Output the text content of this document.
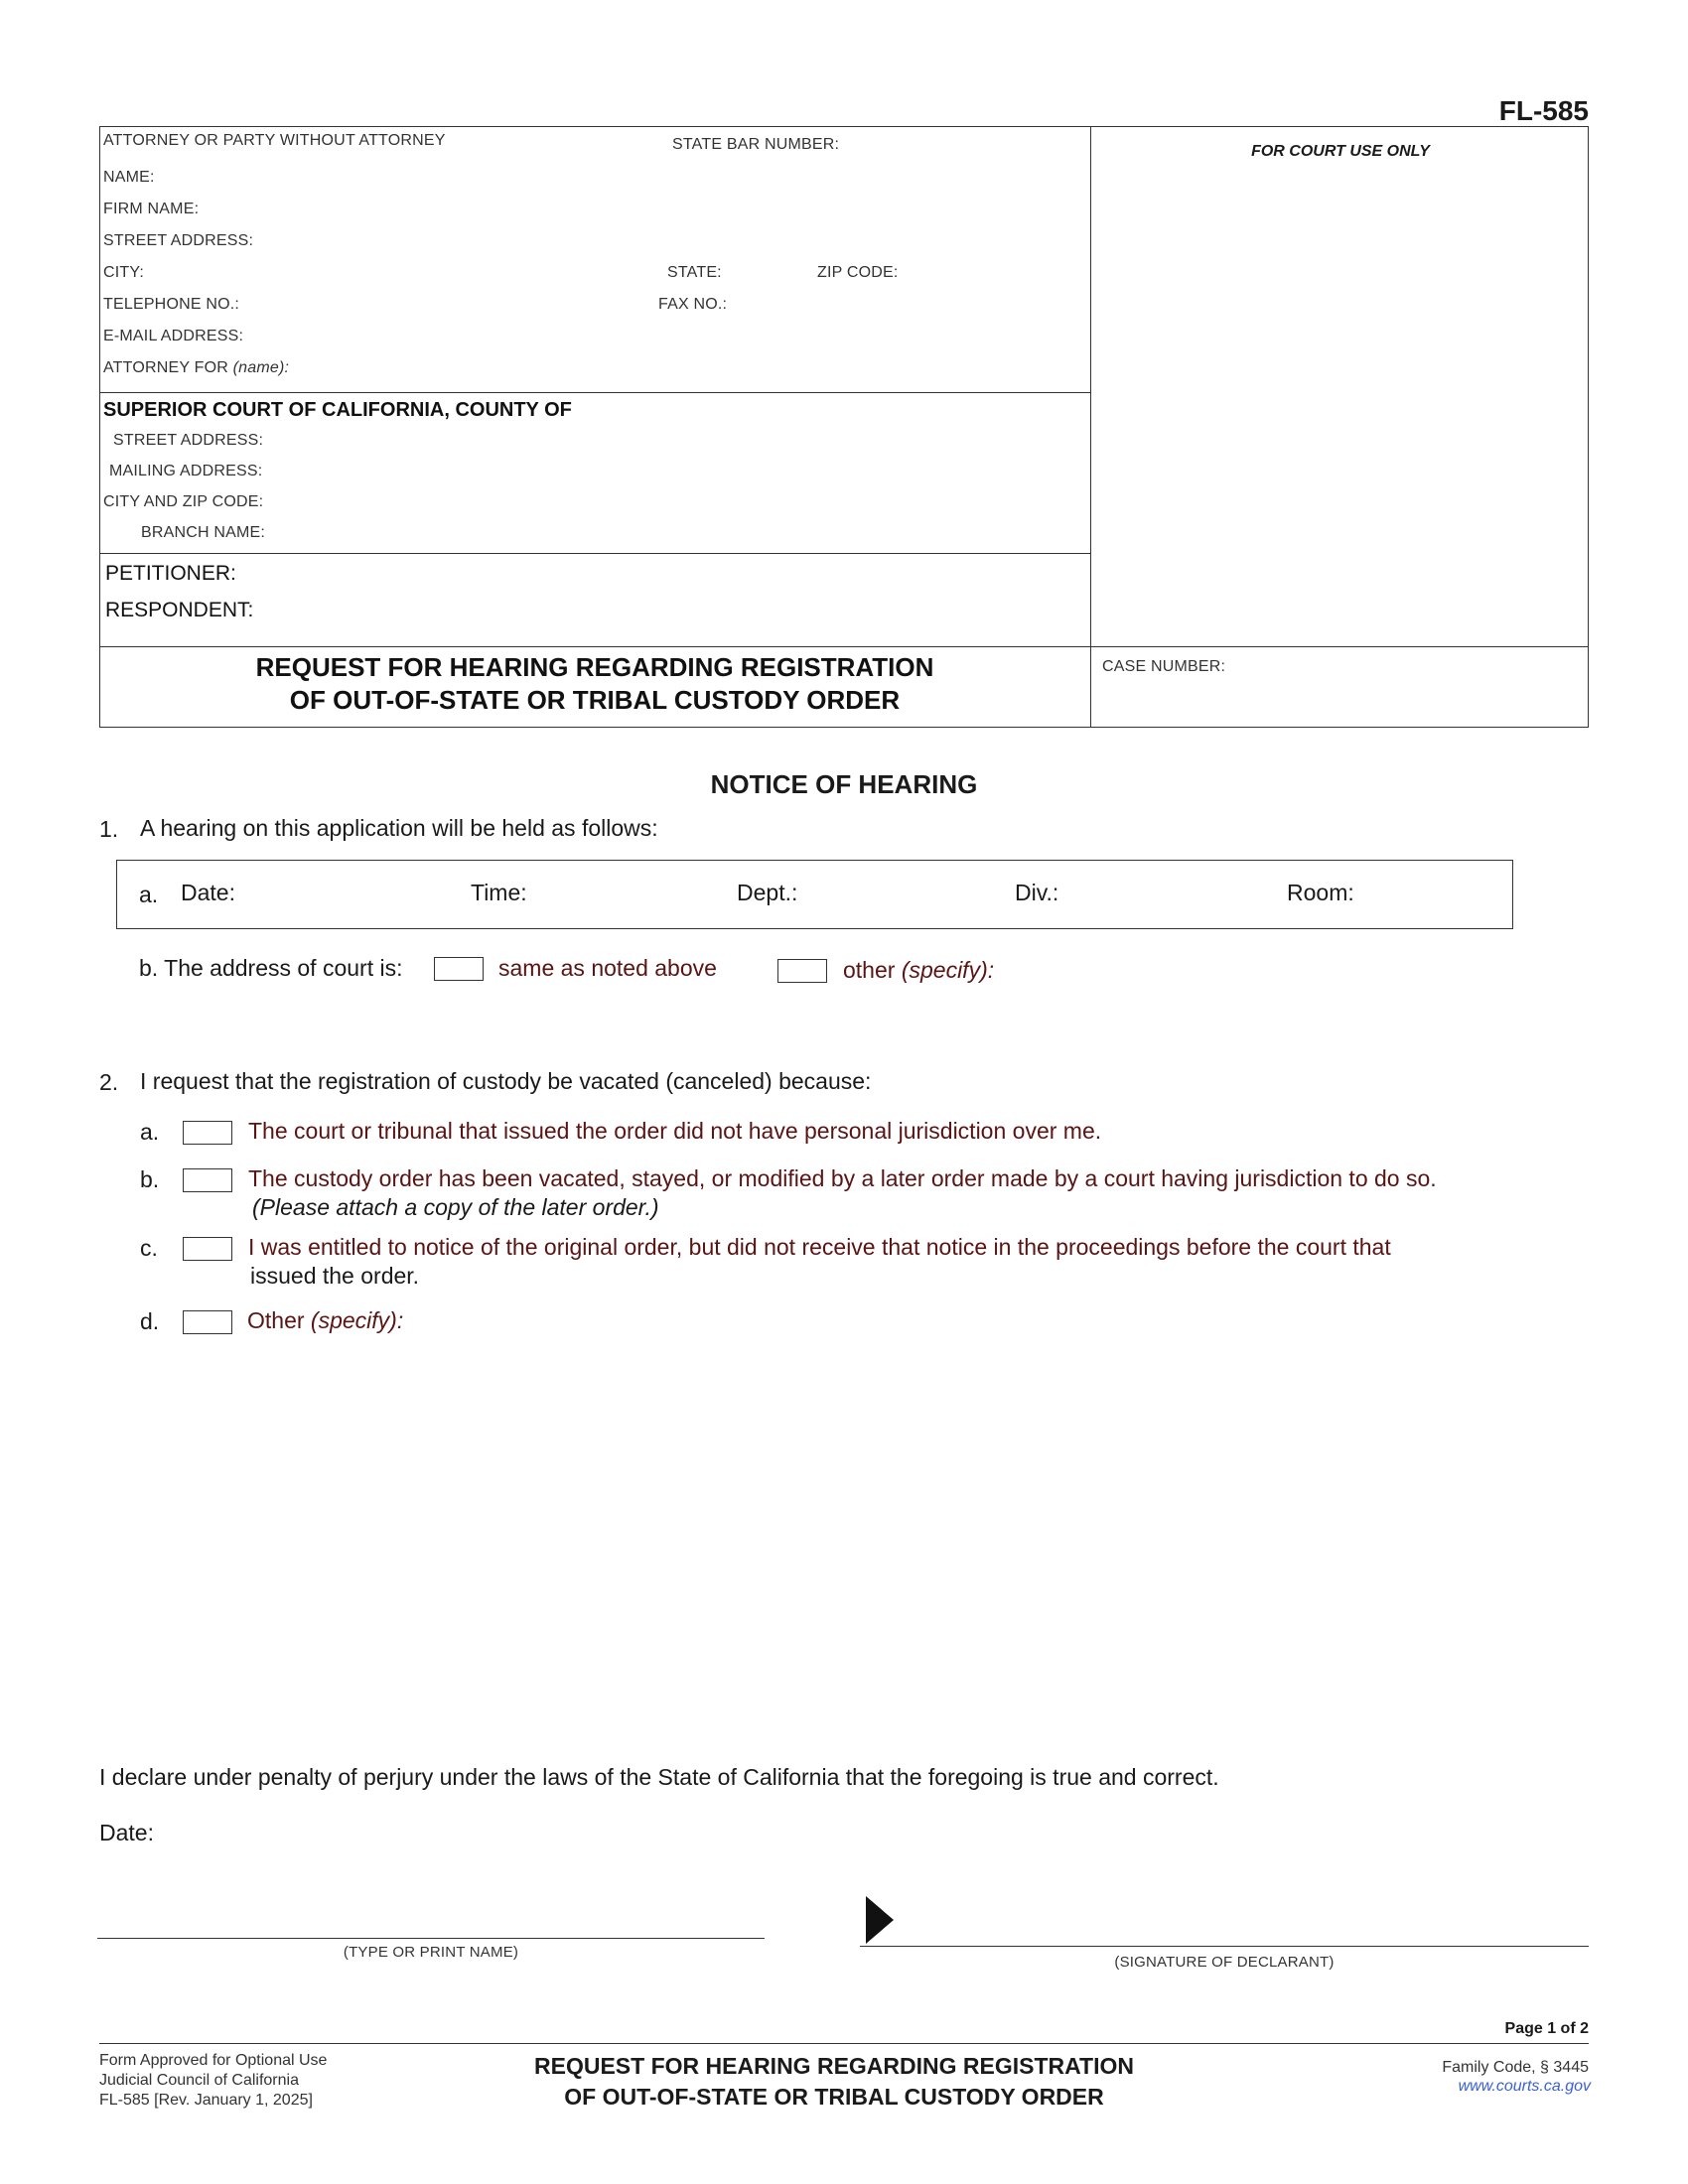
FL-585
ATTORNEY OR PARTY WITHOUT ATTORNEY	STATE BAR NUMBER:
NAME:
FIRM NAME:
STREET ADDRESS:
CITY:	STATE:	ZIP CODE:
TELEPHONE NO.:	FAX NO.:
E-MAIL ADDRESS:
ATTORNEY FOR (name):
FOR COURT USE ONLY
SUPERIOR COURT OF CALIFORNIA, COUNTY OF
STREET ADDRESS:
MAILING ADDRESS:
CITY AND ZIP CODE:
BRANCH NAME:
PETITIONER:
RESPONDENT:
REQUEST FOR HEARING REGARDING REGISTRATION
OF OUT-OF-STATE OR TRIBAL CUSTODY ORDER
CASE NUMBER:
NOTICE OF HEARING
1. A hearing on this application will be held as follows:
a. Date:	Time:	Dept.:	Div.:	Room:
b. The address of court is:	same as noted above	other (specify):
2. I request that the registration of custody be vacated (canceled) because:
a.	The court or tribunal that issued the order did not have personal jurisdiction over me.
b.	The custody order has been vacated, stayed, or modified by a later order made by a court having jurisdiction to do so.
(Please attach a copy of the later order.)
c.	I was entitled to notice of the original order, but did not receive that notice in the proceedings before the court that
issued the order.
d.	Other (specify):
I declare under penalty of perjury under the laws of the State of California that the foregoing is true and correct.
Date:
(TYPE OR PRINT NAME)
(SIGNATURE OF DECLARANT)
Page 1 of 2
Form Approved for Optional Use
Judicial Council of California
FL-585 [Rev. January 1, 2025]
REQUEST FOR HEARING REGARDING REGISTRATION
OF OUT-OF-STATE OR TRIBAL CUSTODY ORDER
Family Code, § 3445
www.courts.ca.gov
